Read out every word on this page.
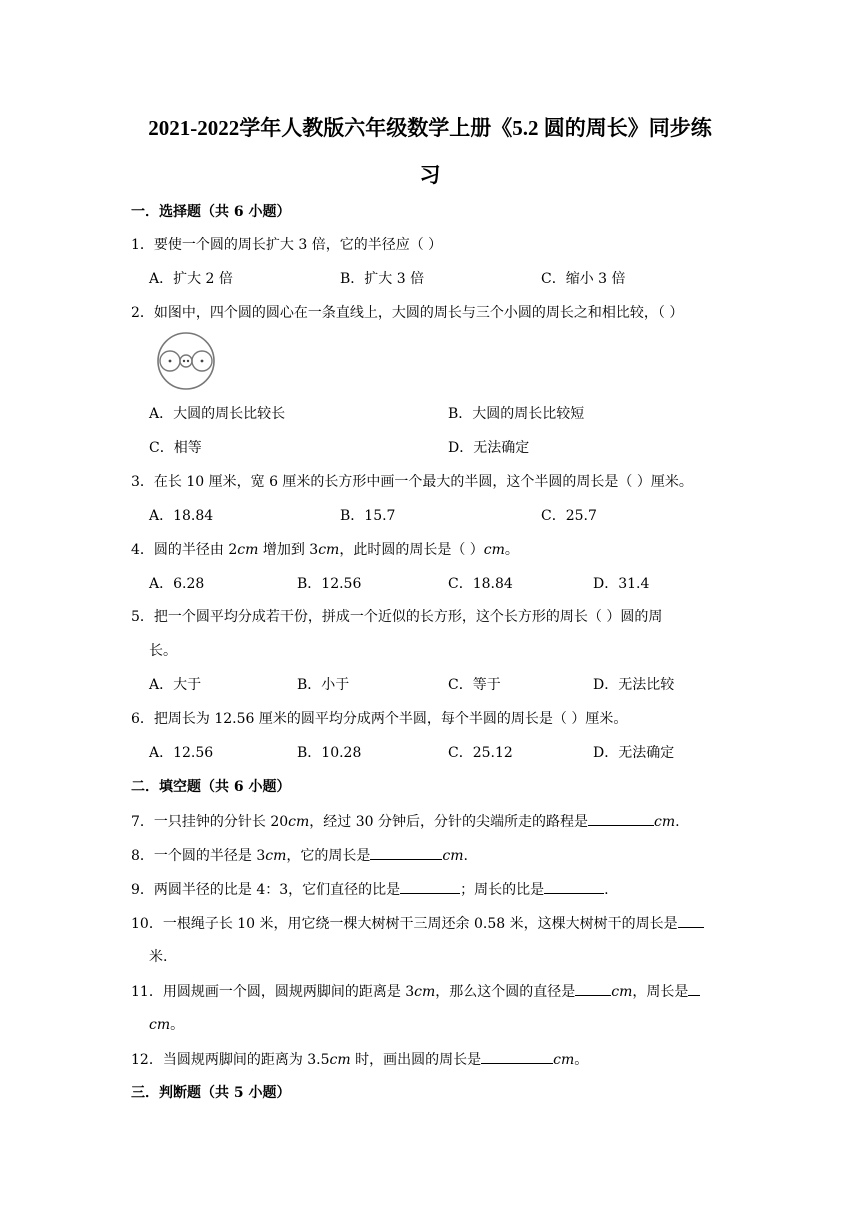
2021-2022学年人教版六年级数学上册《5.2 圆的周长》同步练
习
一．选择题（共 6 小题）
1．要使一个圆的周长扩大 3 倍，它的半径应（ ）
A．扩大 2 倍	B．扩大 3 倍	C．缩小 3 倍
2．如图中，四个圆的圆心在一条直线上，大圆的周长与三个小圆的周长之和相比较，（ ）
A．大圆的周长比较长	B．大圆的周长比较短
C．相等	D．无法确定
3．在长 10 厘米，宽 6 厘米的长方形中画一个最大的半圆，这个半圆的周长是（ ）厘米。
A．18.84	B．15.7	C．25.7
4．圆的半径由 2cm 增加到 3cm，此时圆的周长是（ ）cm。
A．6.28	B．12.56	C．18.84	D．31.4
5．把一个圆平均分成若干份，拼成一个近似的长方形，这个长方形的周长（ ）圆的周
长。
A．大于	B．小于	C．等于	D．无法比较
6．把周长为 12.56 厘米的圆平均分成两个半圆，每个半圆的周长是（ ）厘米。
A．12.56	B．10.28	C．25.12	D．无法确定
二．填空题（共 6 小题）
7．一只挂钟的分针长 20cm，经过 30 分钟后，分针的尖端所走的路程是	cm.
8．一个圆的半径是 3cm，它的周长是	cm.
9．两圆半径的比是 4：3，它们直径的比是	；周长的比是	.
10．一根绳子长 10 米，用它绕一棵大树树干三周还余 0.58 米，这棵大树树干的周长是
米.
11．用圆规画一个圆，圆规两脚间的距离是 3cm，那么这个圆的直径是	cm，周长是
cm。
12．当圆规两脚间的距离为 3.5cm 时，画出圆的周长是	cm。
三．判断题（共 5 小题）
